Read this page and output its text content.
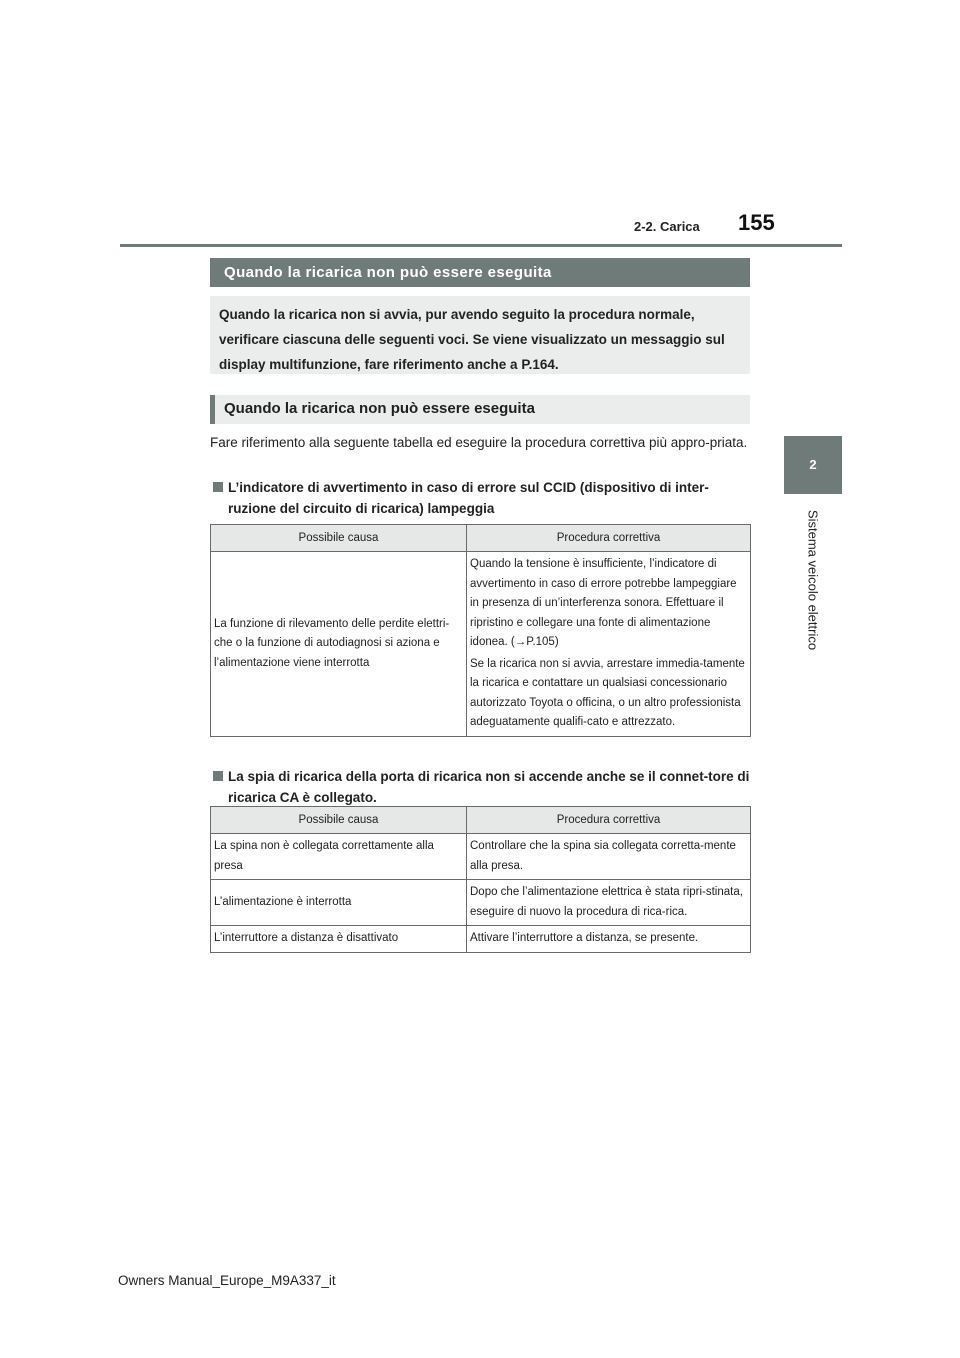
2-2. Carica 155
2
Sistema veicolo elettrico
Quando la ricarica non può essere eseguita
Quando la ricarica non si avvia, pur avendo seguito la procedura normale, verificare ciascuna delle seguenti voci. Se viene visualizzato un messaggio sul display multifunzione, fare riferimento anche a P.164.
Quando la ricarica non può essere eseguita
Fare riferimento alla seguente tabella ed eseguire la procedura correttiva più appro-priata.
L’indicatore di avvertimento in caso di errore sul CCID (dispositivo di inter-ruzione del circuito di ricarica) lampeggia
Possibile causa	Procedura correttiva
La funzione di rilevamento delle perdite elettri-che o la funzione di autodiagnosi si aziona e l’alimentazione viene interrotta	Quando la tensione è insufficiente, l’indicatore di avvertimento in caso di errore potrebbe lampeggiare in presenza di un’interferenza sonora. Effettuare il ripristino e collegare una fonte di alimentazione idonea. (→P.105)

Se la ricarica non si avvia, arrestare immedia-tamente la ricarica e contattare un qualsiasi concessionario autorizzato Toyota o officina, o un altro professionista adeguatamente qualifi-cato e attrezzato.

La spia di ricarica della porta di ricarica non si accende anche se il connet-tore di ricarica CA è collegato.
Possibile causa	Procedura correttiva
La spina non è collegata correttamente alla presa	Controllare che la spina sia collegata corretta-mente alla presa.
L’alimentazione è interrotta	Dopo che l’alimentazione elettrica è stata ripri-stinata, eseguire di nuovo la procedura di rica-rica.
L’interruttore a distanza è disattivato	Attivare l’interruttore a distanza, se presente.
Owners Manual_Europe_M9A337_it
